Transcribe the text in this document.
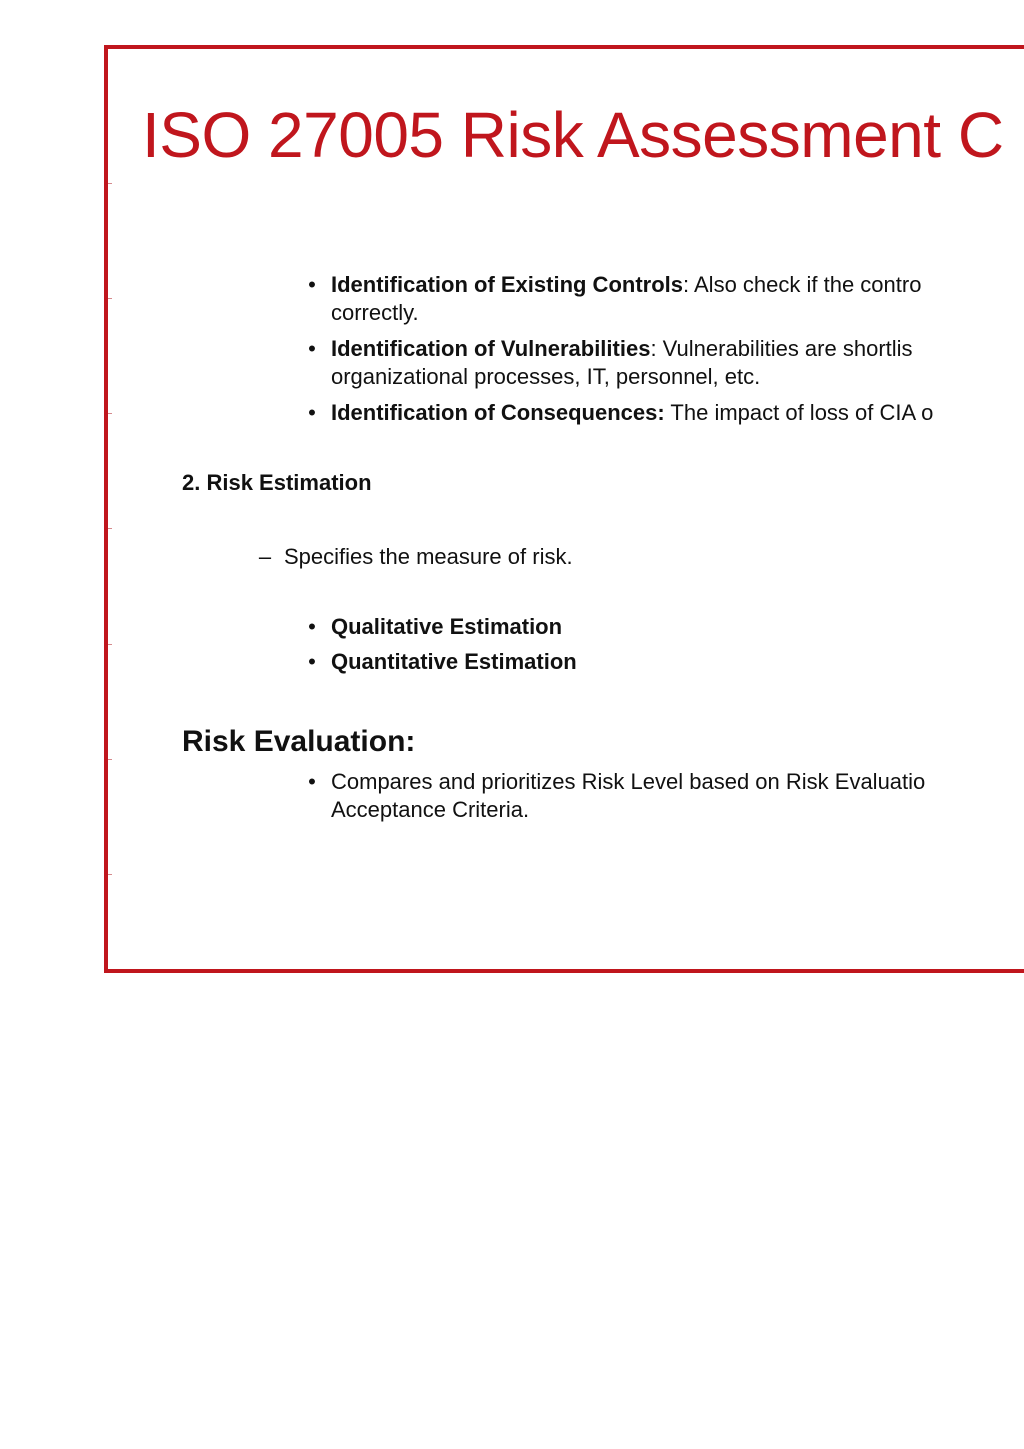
ISO 27005 Risk Assessment C
• Identification of Existing Controls: Also check if the contro
correctly.
• Identification of Vulnerabilities: Vulnerabilities are shortlis
organizational processes, IT, personnel, etc.
• Identification of Consequences: The impact of loss of CIA o
2. Risk Estimation
– Specifies the measure of risk.
• Qualitative Estimation
• Quantitative Estimation
Risk Evaluation:
• Compares and prioritizes Risk Level based on Risk Evaluatio
Acceptance Criteria.
